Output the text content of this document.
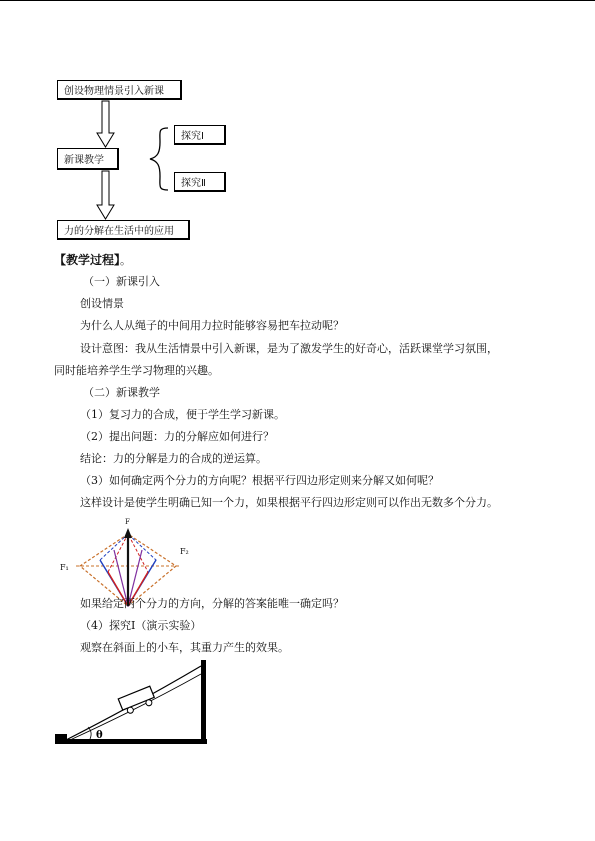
创设物理情景引入新课
新课教学
探究Ⅰ
探究Ⅱ
力的分解在生活中的应用
【教学过程】。
（一）新课引入
创设情景
为什么人从绳子的中间用力拉时能够容易把车拉动呢？
设计意图：我从生活情景中引入新课，是为了激发学生的好奇心，活跃课堂学习氛围，
同时能培养学生学习物理的兴趣。
（二）新课教学
（1）复习力的合成，便于学生学习新课。
（2）提出问题：力的分解应如何进行？
结论：力的分解是力的合成的逆运算。
（3）如何确定两个分力的方向呢？根据平行四边形定则来分解又如何呢？
这样设计是使学生明确已知一个力，如果根据平行四边形定则可以作出无数多个分力。
F
F₁
F₂
如果给定两个分力的方向，分解的答案能唯一确定吗？
（4）探究Ⅰ（演示实验）
观察在斜面上的小车，其重力产生的效果。
θ
